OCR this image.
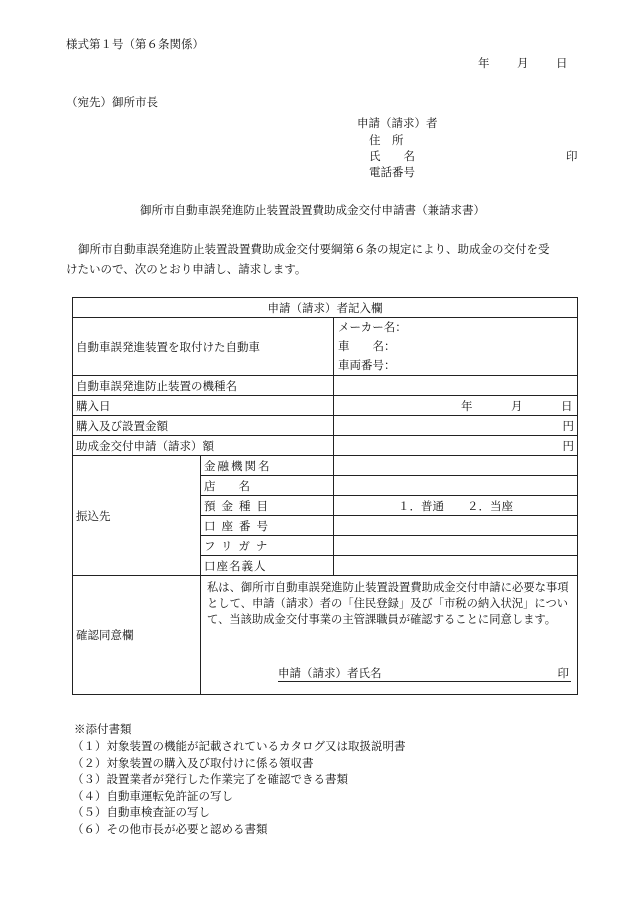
様式第１号（第６条関係）
年 月 日
（宛先）御所市長
申請（請求）者
住　所
氏　　名	印
電話番号
御所市自動車誤発進防止装置設置費助成金交付申請書（兼請求書）
御所市自動車誤発進防止装置設置費助成金交付要綱第６条の規定により、助成金の交付を受
けたいので、次のとおり申請し、請求します。
申請（請求）者記入欄		
自動車誤発進装置を取付けた自動車		メーカー名：
車　　名：
車両番号：

自動車誤発進防止装置の機種名		
購入日		年 月 日

購入及び設置金額		円
助成金交付申請（請求）額		円
振込先	金融機関名	
	店　　名	
	預金種目	１．普通　　２．当座
	口座番号	
	フリガナ	
	口座名義人	
確認同意欄	私は、御所市自動車誤発進防止装置設置費助成金交付申請に必要な事項として、申請（請求）者の「住民登録」及び「市税の納入状況」について、当該助成金交付事業の主管課職員が確認することに同意します。
申請（請求）者氏名 印	
※添付書類
（１）対象装置の機能が記載されているカタログ又は取扱説明書
（２）対象装置の購入及び取付けに係る領収書
（３）設置業者が発行した作業完了を確認できる書類
（４）自動車運転免許証の写し
（５）自動車検査証の写し
（６）その他市長が必要と認める書類
